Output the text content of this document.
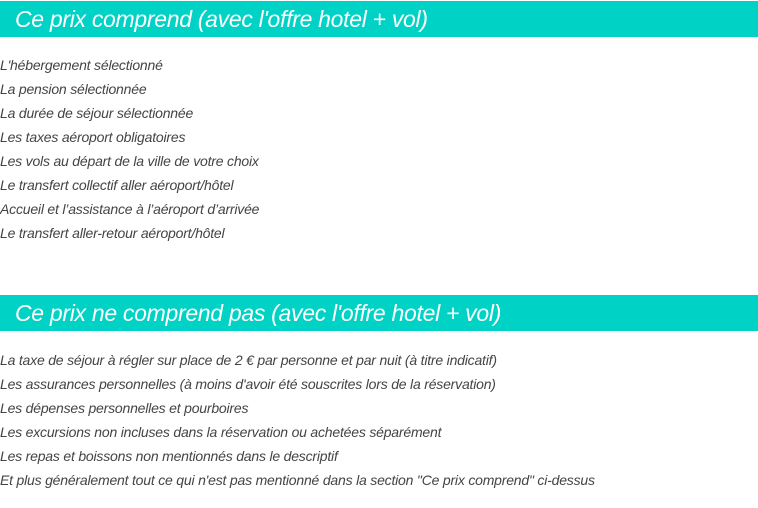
Ce prix comprend (avec l'offre hotel + vol)
L'hébergement sélectionné
La pension sélectionnée
La durée de séjour sélectionnée
Les taxes aéroport obligatoires
Les vols au départ de la ville de votre choix
Le transfert collectif aller aéroport/hôtel
Accueil et l’assistance à l’aéroport d’arrivée
Le transfert aller-retour aéroport/hôtel
Ce prix ne comprend pas (avec l'offre hotel + vol)
La taxe de séjour à régler sur place de 2 € par personne et par nuit (à titre indicatif)
Les assurances personnelles (à moins d'avoir été souscrites lors de la réservation)
Les dépenses personnelles et pourboires
Les excursions non incluses dans la réservation ou achetées séparément
Les repas et boissons non mentionnés dans le descriptif
Et plus généralement tout ce qui n'est pas mentionné dans la section "Ce prix comprend" ci-dessus
